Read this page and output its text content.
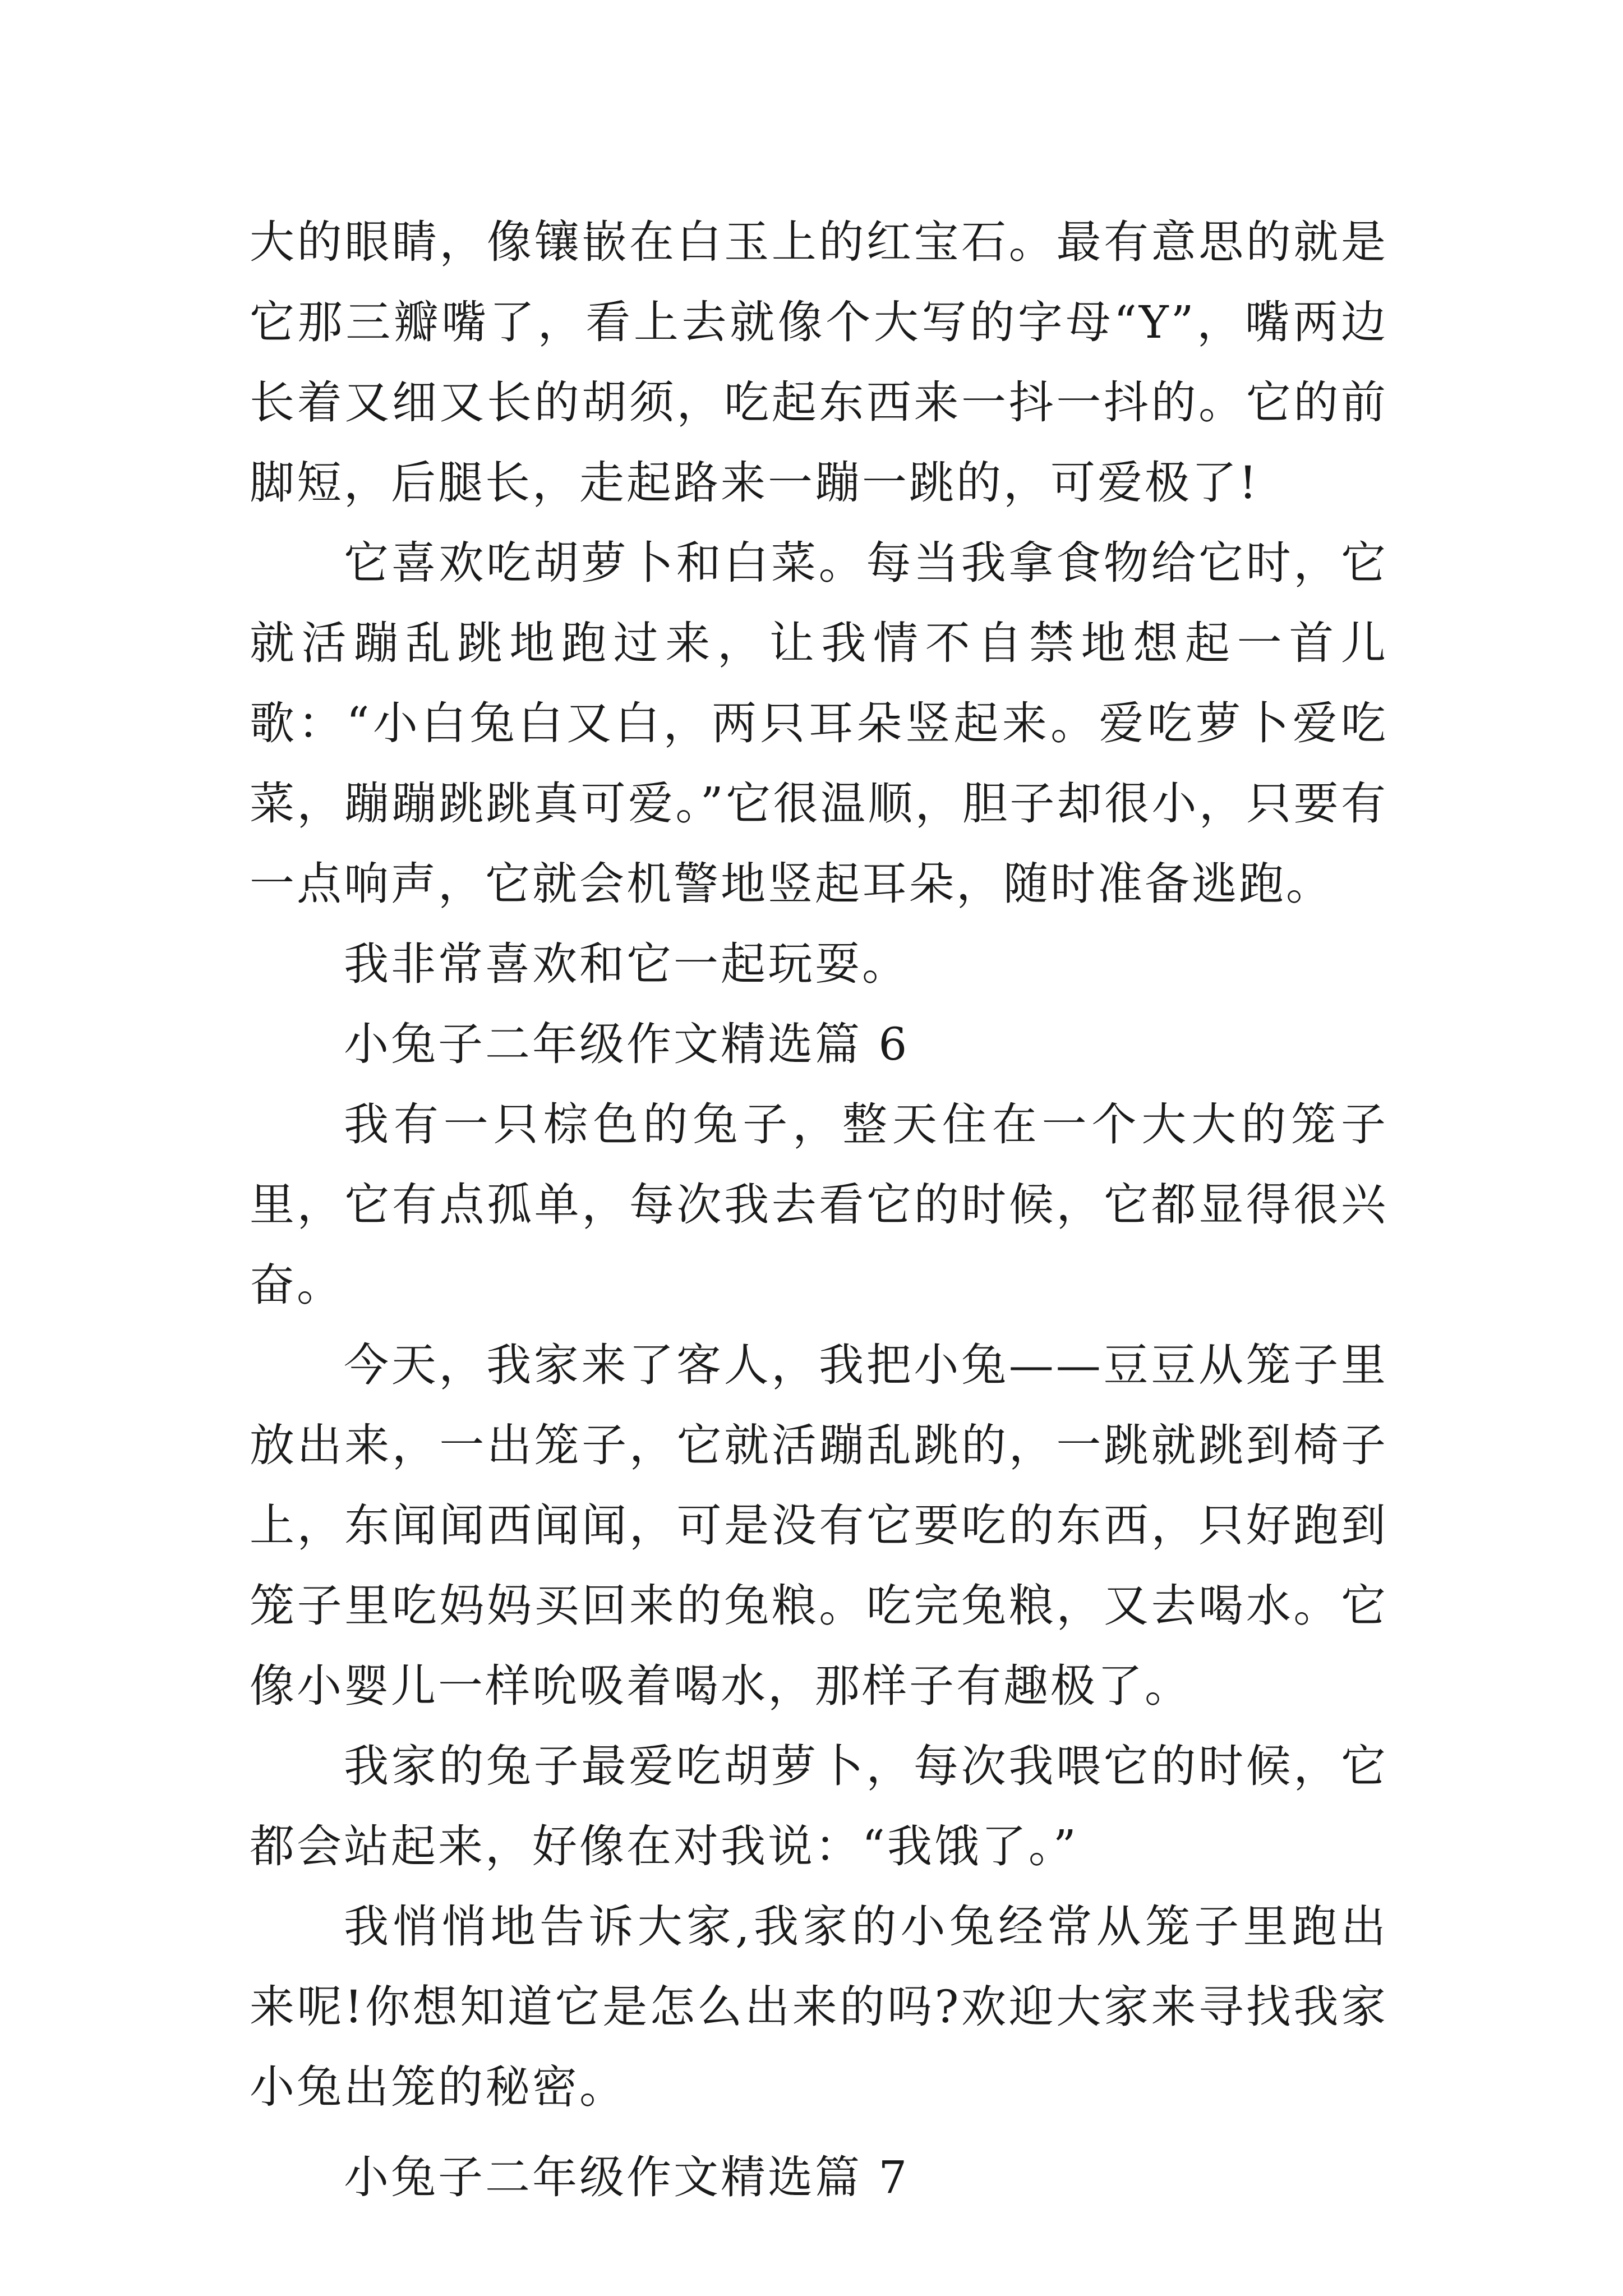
大的眼睛，像镶嵌在白玉上的红宝石。最有意思的就是它那三瓣嘴了，看上去就像个大写的字母“Y”，嘴两边长着又细又长的胡须，吃起东西来一抖一抖的。它的前脚短，后腿长，走起路来一蹦一跳的，可爱极了!

它喜欢吃胡萝卜和白菜。每当我拿食物给它时，它就活蹦乱跳地跑过来，让我情不自禁地想起一首儿歌：“小白兔白又白，两只耳朵竖起来。爱吃萝卜爱吃菜，蹦蹦跳跳真可爱。”它很温顺，胆子却很小，只要有一点响声，它就会机警地竖起耳朵，随时准备逃跑。

我非常喜欢和它一起玩耍。

小兔子二年级作文精选篇 6

我有一只棕色的兔子，整天住在一个大大的笼子里，它有点孤单，每次我去看它的时候，它都显得很兴奋。

今天，我家来了客人，我把小兔——豆豆从笼子里放出来，一出笼子，它就活蹦乱跳的，一跳就跳到椅子上，东闻闻西闻闻，可是没有它要吃的东西，只好跑到笼子里吃妈妈买回来的兔粮。吃完兔粮，又去喝水。它像小婴儿一样吮吸着喝水，那样子有趣极了。

我家的兔子最爱吃胡萝卜，每次我喂它的时候，它都会站起来，好像在对我说：“我饿了。”

我悄悄地告诉大家,我家的小兔经常从笼子里跑出来呢!你想知道它是怎么出来的吗?欢迎大家来寻找我家小兔出笼的秘密。

小兔子二年级作文精选篇 7
